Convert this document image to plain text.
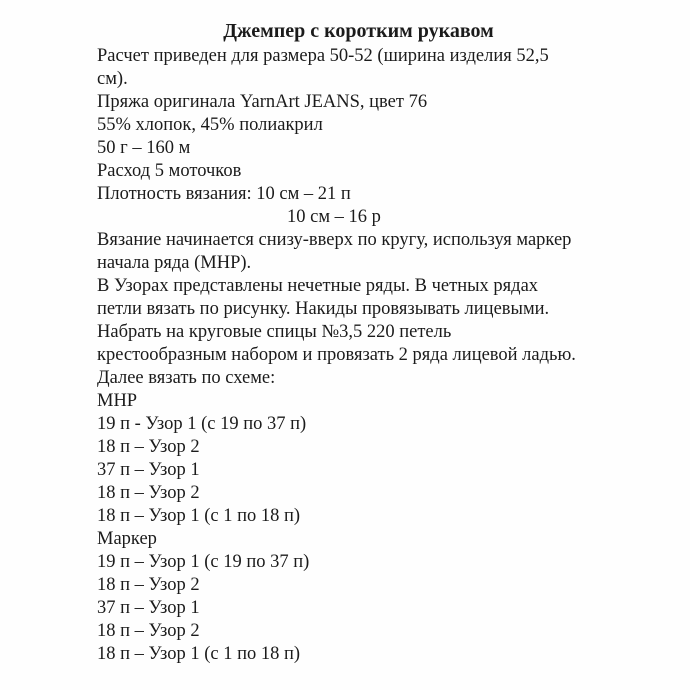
Джемпер с коротким рукавом
Расчет приведен для размера 50-52 (ширина изделия 52,5
см).
Пряжа оригинала YarnArt JEANS, цвет 76
55% хлопок, 45% полиакрил
50 г – 160 м
Расход 5 моточков
Плотность вязания: 10 см – 21 п
10 см – 16 р
Вязание начинается снизу-вверх по кругу, используя маркер
начала ряда (МНР).
В Узорах представлены нечетные ряды. В четных рядах
петли вязать по рисунку. Накиды провязывать лицевыми.
Набрать на круговые спицы №3,5 220 петель
крестообразным набором и провязать 2 ряда лицевой ладью.
Далее вязать по схеме:
МНР
19 п - Узор 1 (с 19 по 37 п)
18 п – Узор 2
37 п – Узор 1
18 п – Узор 2
18 п – Узор 1 (с 1 по 18 п)
Маркер
19 п – Узор 1 (с 19 по 37 п)
18 п – Узор 2
37 п – Узор 1
18 п – Узор 2
18 п – Узор 1 (с 1 по 18 п)
